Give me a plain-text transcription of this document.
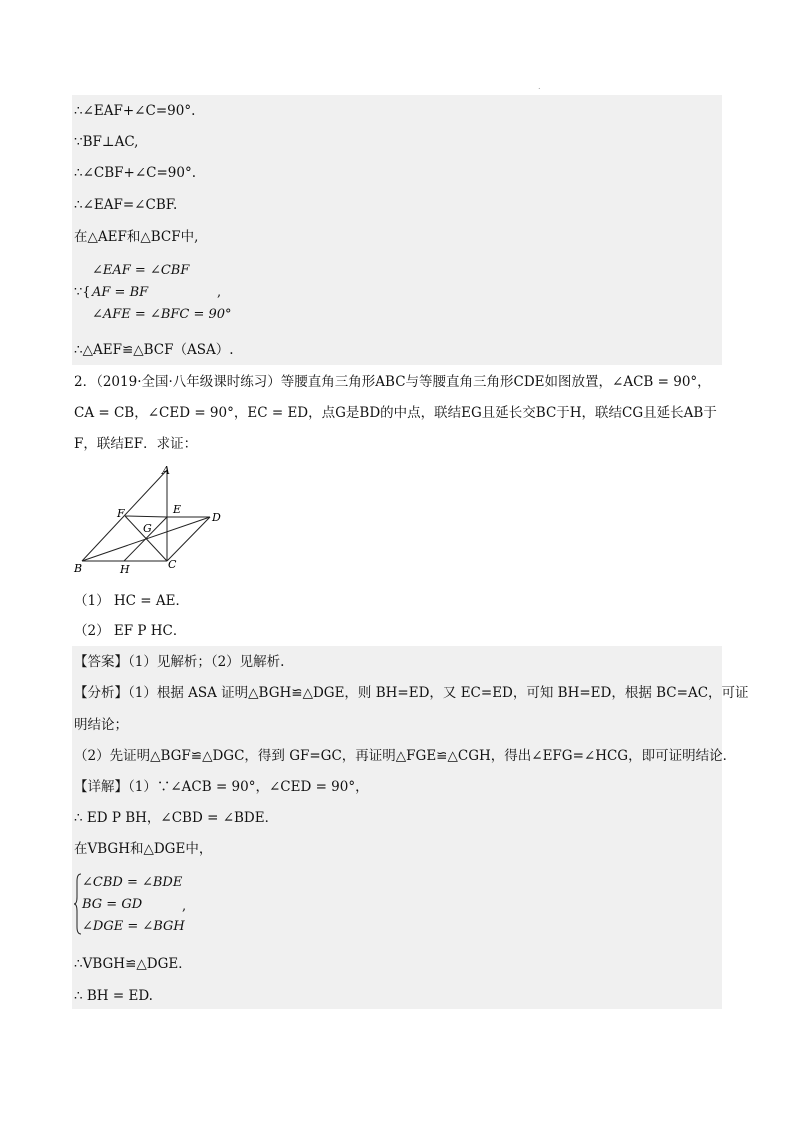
.
∴∠EAF+∠C=90°.
∵BF⊥AC,
∴∠CBF+∠C=90°.
∴∠EAF=∠CBF.
在△AEF和△BCF中,
∵{
∠EAF = ∠CBF
AF = BF
∠AFE = ∠BFC = 90°
,
∴△AEF≌△BCF（ASA）.
2．（2019·全国·八年级课时练习）等腰直角三角形ABC与等腰直角三角形CDE如图放置，∠ACB = 90°，
CA = CB，∠CED = 90°，EC = ED，点G是BD的中点，联结EG且延长交BC于H，联结CG且延长AB于
F，联结EF．求证：
A
B	C
D
E
F
G
H
（1） HC = AE．
（2） EF P HC．
【答案】（1）见解析；（2）见解析.
【分析】（1）根据 ASA 证明△BGH≌△DGE，则 BH=ED，又 EC=ED，可知 BH=ED，根据 BC=AC，可证
明结论；
（2）先证明△BGF≌△DGC，得到 GF=GC，再证明△FGE≌△CGH，得出∠EFG=∠HCG，即可证明结论．
【详解】（1）∵∠ACB = 90°，∠CED = 90°，
∴ ED P BH，∠CBD = ∠BDE．
在VBGH和△DGE中，
∠CBD = ∠BDE
BG = GD
∠DGE = ∠BGH
,
∴VBGH≌△DGE．
∴ BH = ED.
